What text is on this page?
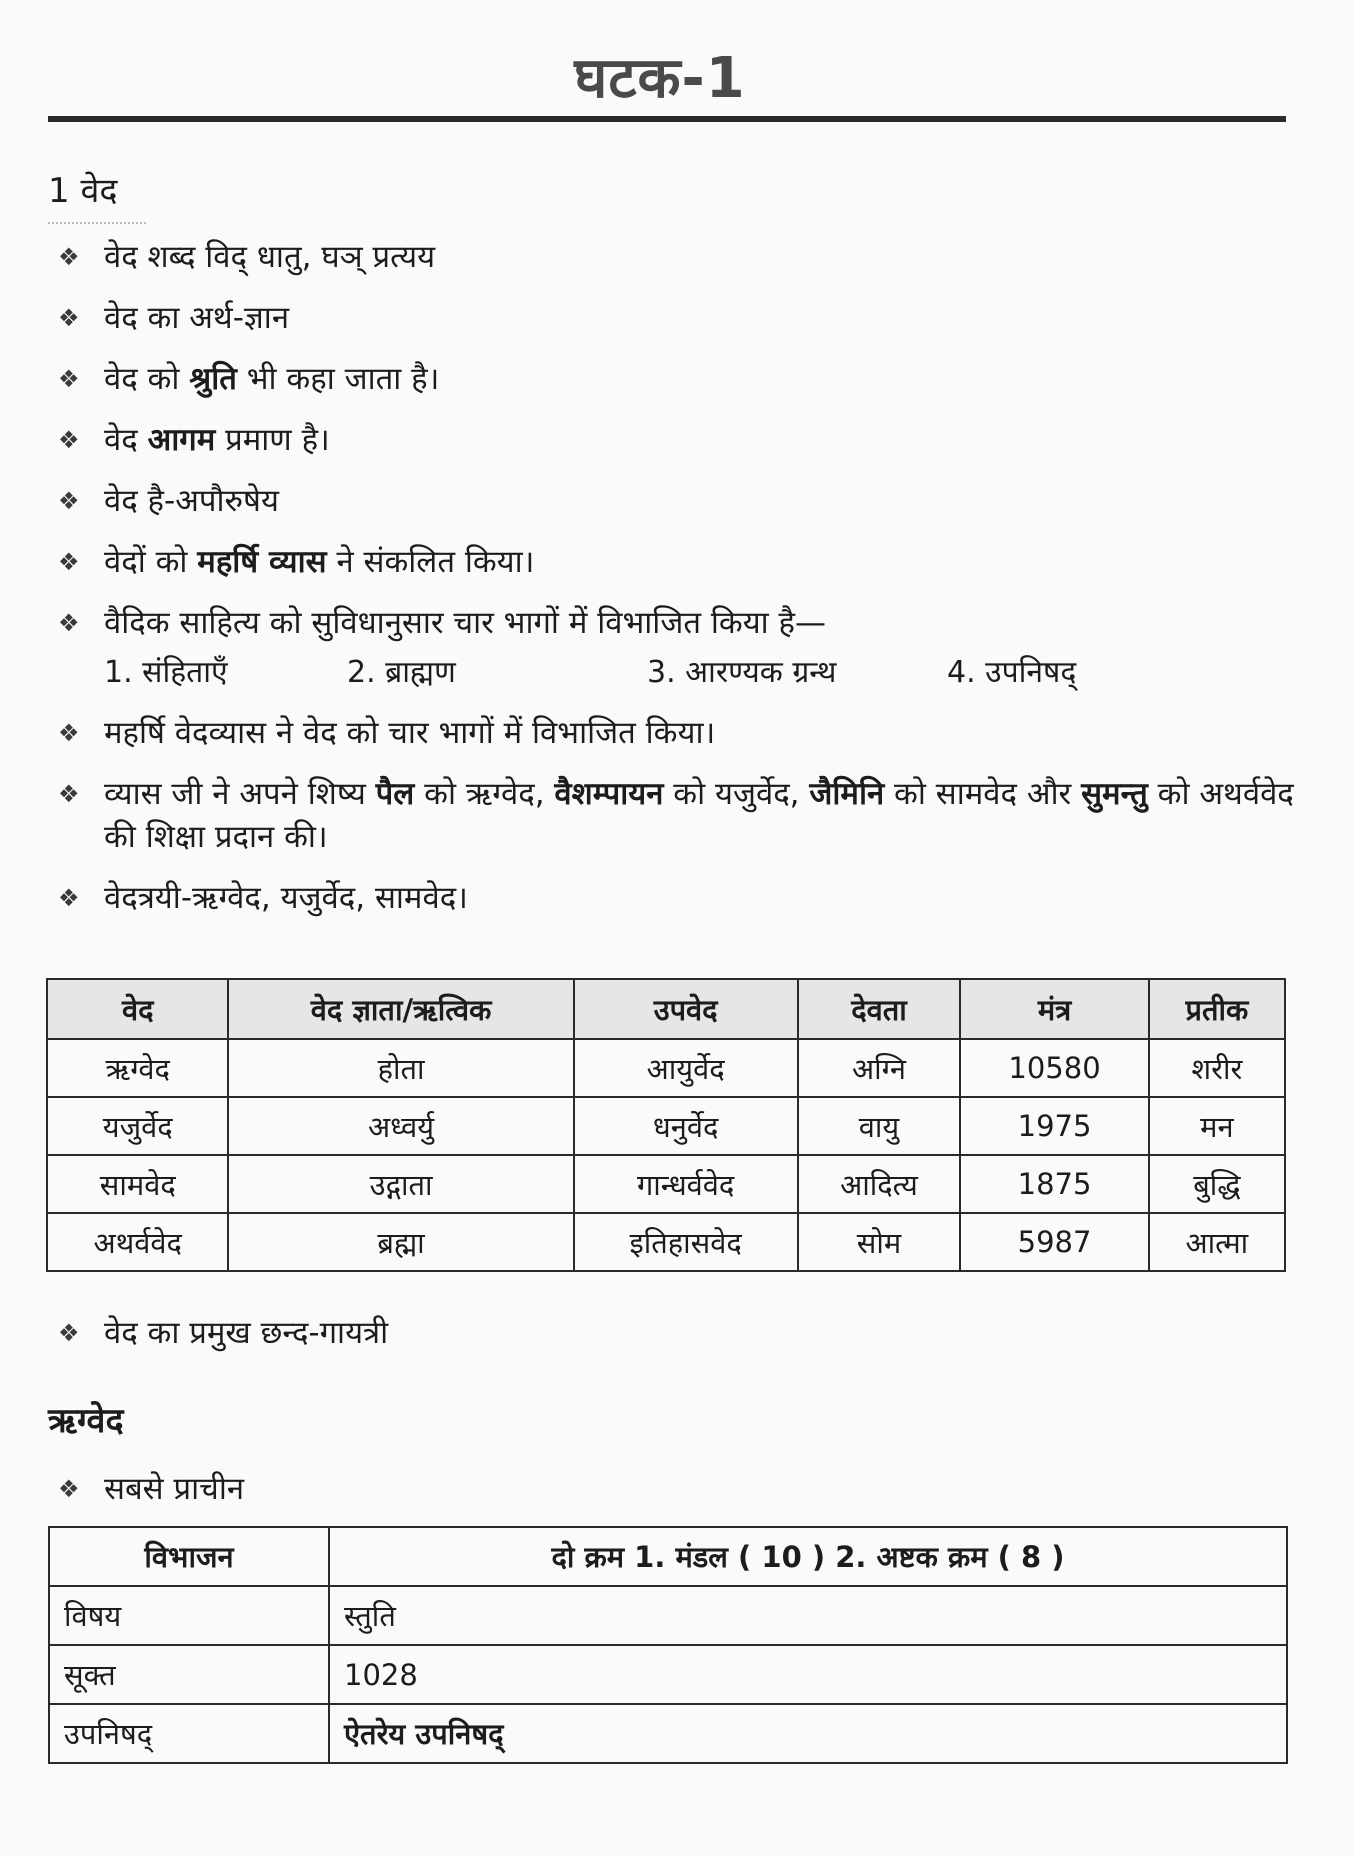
घटक-1
1 वेद
❖ वेद शब्द विद् धातु, घञ् प्रत्यय
❖ वेद का अर्थ-ज्ञान
❖ वेद को श्रुति भी कहा जाता है।
❖ वेद आगम प्रमाण है।
❖ वेद है-अपौरुषेय
❖ वेदों को महर्षि व्यास ने संकलित किया।
❖ वैदिक साहित्य को सुविधानुसार चार भागों में विभाजित किया है—
1. संहिताएँ	2. ब्राह्मण	3. आरण्यक ग्रन्थ	4. उपनिषद्
❖ महर्षि वेदव्यास ने वेद को चार भागों में विभाजित किया।
❖ व्यास जी ने अपने शिष्य पैल को ऋग्वेद, वैशम्पायन को यजुर्वेद, जैमिनि को सामवेद और सुमन्तु को अथर्ववेद की शिक्षा प्रदान की।
❖ वेदत्रयी-ऋग्वेद, यजुर्वेद, सामवेद।
वेद	वेद ज्ञाता/ऋत्विक	उपवेद	देवता	मंत्र	प्रतीक
ऋग्वेद	होता	आयुर्वेद	अग्नि	10580	शरीर
यजुर्वेद	अध्वर्यु	धनुर्वेद	वायु	1975	मन
सामवेद	उद्गाता	गान्धर्ववेद	आदित्य	1875	बुद्धि
अथर्ववेद	ब्रह्मा	इतिहासवेद	सोम	5987	आत्मा
❖ वेद का प्रमुख छन्द-गायत्री
ऋग्वेद
❖ सबसे प्राचीन
विभाजन	दो क्रम 1. मंडल ( 10 ) 2. अष्टक क्रम ( 8 )
विषय	स्तुति
सूक्त	1028
उपनिषद्	ऐतरेय उपनिषद्
